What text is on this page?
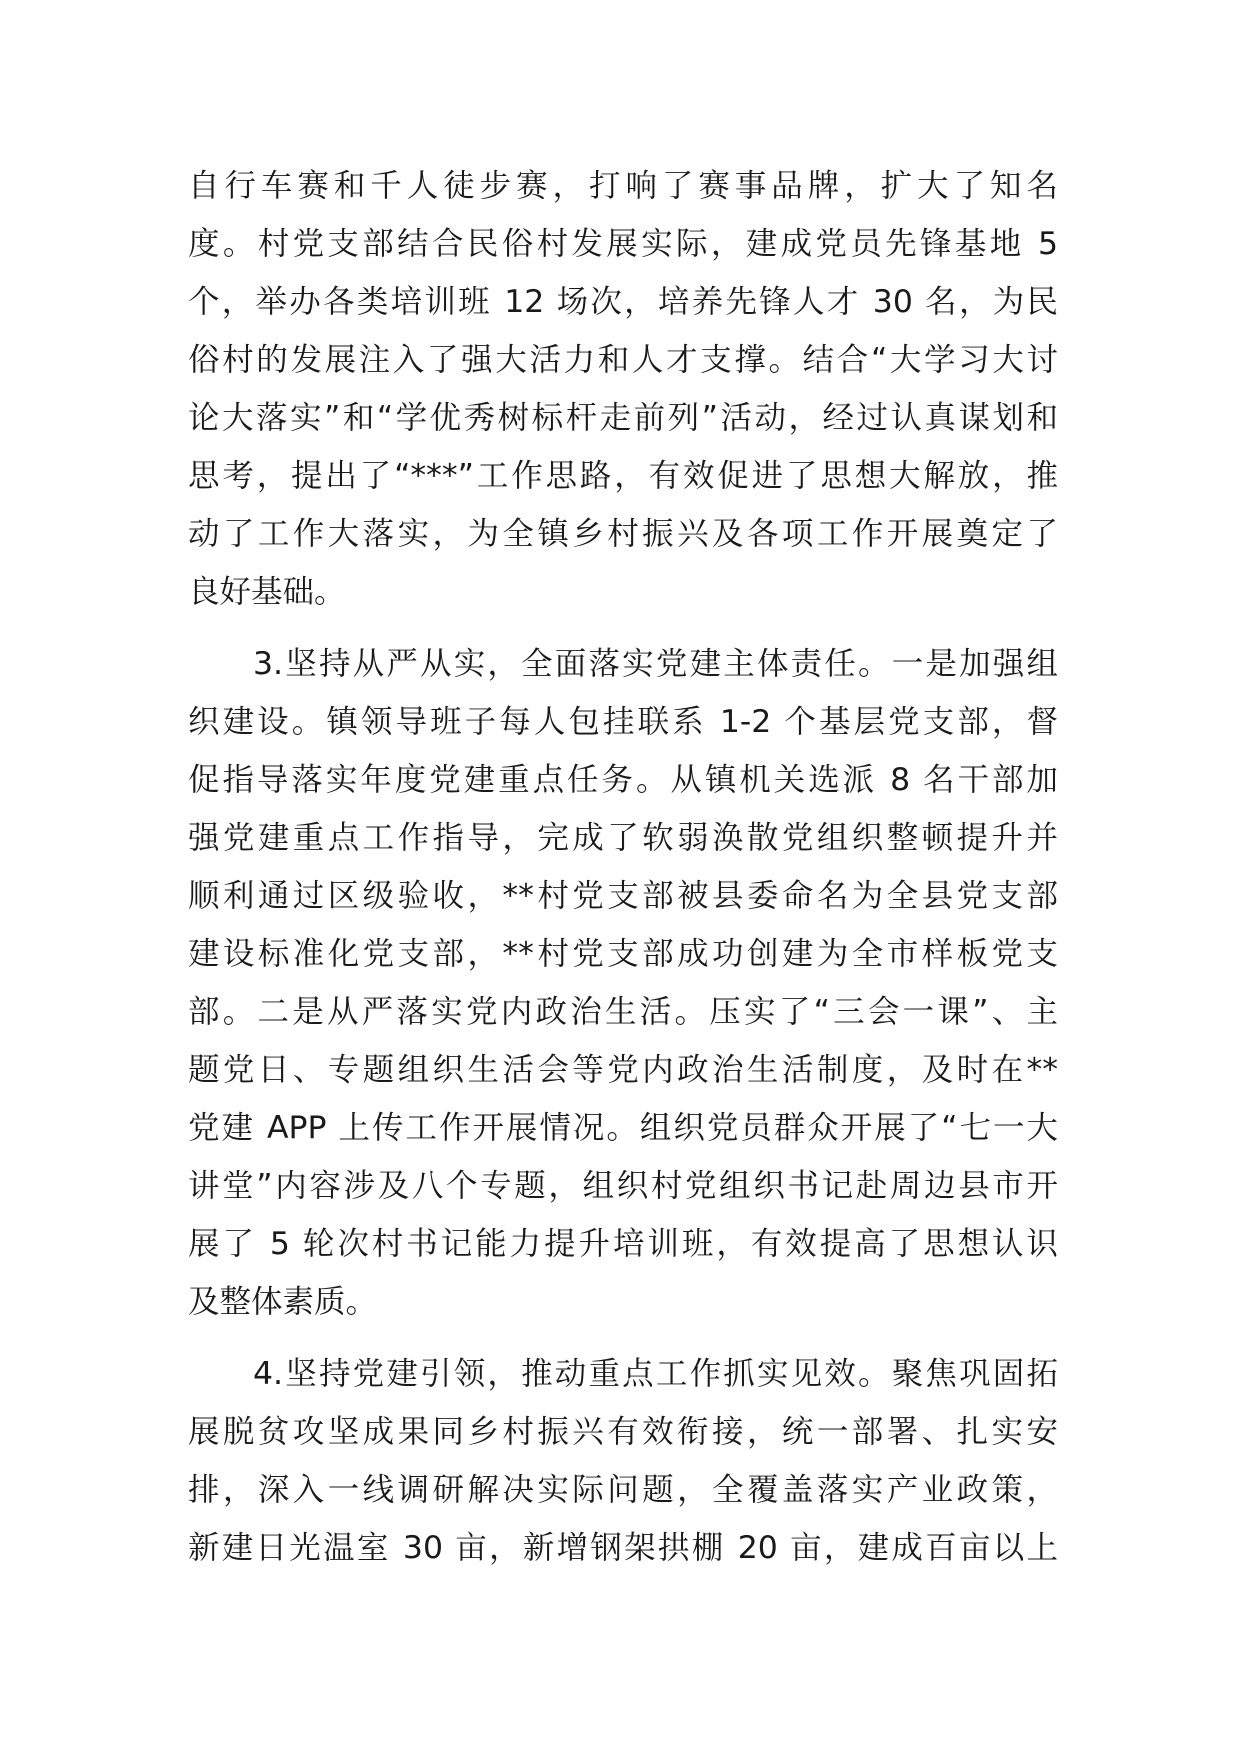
自行车赛和千人徒步赛，打响了赛事品牌，扩大了知名
度。村党支部结合民俗村发展实际，建成党员先锋基地 5
个，举办各类培训班 12 场次，培养先锋人才 30 名，为民
俗村的发展注入了强大活力和人才支撑。结合“大学习大讨
论大落实”和“学优秀树标杆走前列”活动，经过认真谋划和
思考，提出了“***”工作思路，有效促进了思想大解放，推
动了工作大落实，为全镇乡村振兴及各项工作开展奠定了
良好基础。
3.坚持从严从实，全面落实党建主体责任。一是加强组
织建设。镇领导班子每人包挂联系 1-2 个基层党支部，督
促指导落实年度党建重点任务。从镇机关选派 8 名干部加
强党建重点工作指导，完成了软弱涣散党组织整顿提升并
顺利通过区级验收，**村党支部被县委命名为全县党支部
建设标准化党支部，**村党支部成功创建为全市样板党支
部。二是从严落实党内政治生活。压实了“三会一课”、主
题党日、专题组织生活会等党内政治生活制度，及时在**
党建 APP 上传工作开展情况。组织党员群众开展了“七一大
讲堂”内容涉及八个专题，组织村党组织书记赴周边县市开
展了 5 轮次村书记能力提升培训班，有效提高了思想认识
及整体素质。
4.坚持党建引领，推动重点工作抓实见效。聚焦巩固拓
展脱贫攻坚成果同乡村振兴有效衔接，统一部署、扎实安
排，深入一线调研解决实际问题，全覆盖落实产业政策，
新建日光温室 30 亩，新增钢架拱棚 20 亩，建成百亩以上
